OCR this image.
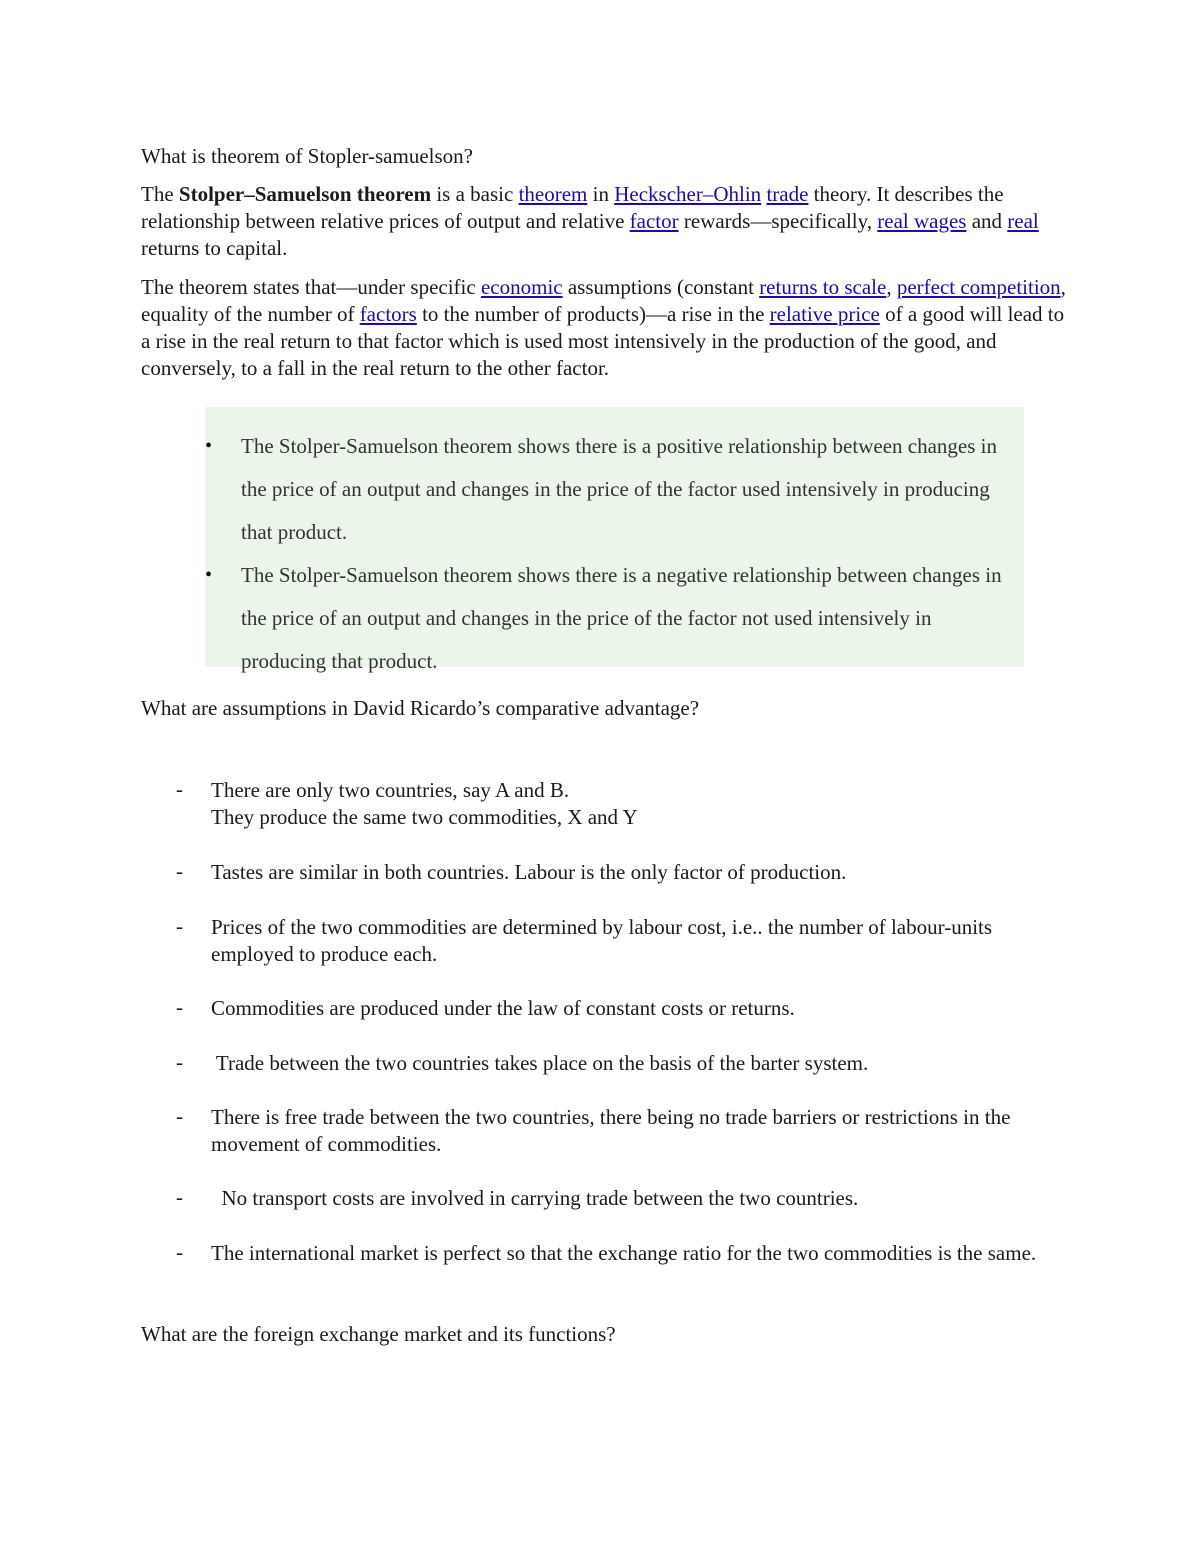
What is theorem of Stopler-samuelson?

The Stolper–Samuelson theorem is a basic theorem in Heckscher–Ohlin trade theory. It describes the relationship between relative prices of output and relative factor rewards—specifically, real wages and real returns to capital.

The theorem states that—under specific economic assumptions (constant returns to scale, perfect competition, equality of the number of factors to the number of products)—a rise in the relative price of a good will lead to a rise in the real return to that factor which is used most intensively in the production of the good, and conversely, to a fall in the real return to the other factor.

• The Stolper-Samuelson theorem shows there is a positive relationship between changes in the price of an output and changes in the price of the factor used intensively in producing that product.
• The Stolper-Samuelson theorem shows there is a negative relationship between changes in the price of an output and changes in the price of the factor not used intensively in producing that product.

What are assumptions in David Ricardo’s comparative advantage?

- There are only two countries, say A and B.
They produce the same two commodities, X and Y
- Tastes are similar in both countries. Labour is the only factor of production.
- Prices of the two commodities are determined by labour cost, i.e.. the number of labour-units employed to produce each.
- Commodities are produced under the law of constant costs or returns.
- Trade between the two countries takes place on the basis of the barter system.
- There is free trade between the two countries, there being no trade barriers or restrictions in the movement of commodities.
- No transport costs are involved in carrying trade between the two countries.
- The international market is perfect so that the exchange ratio for the two commodities is the same.

What are the foreign exchange market and its functions?
